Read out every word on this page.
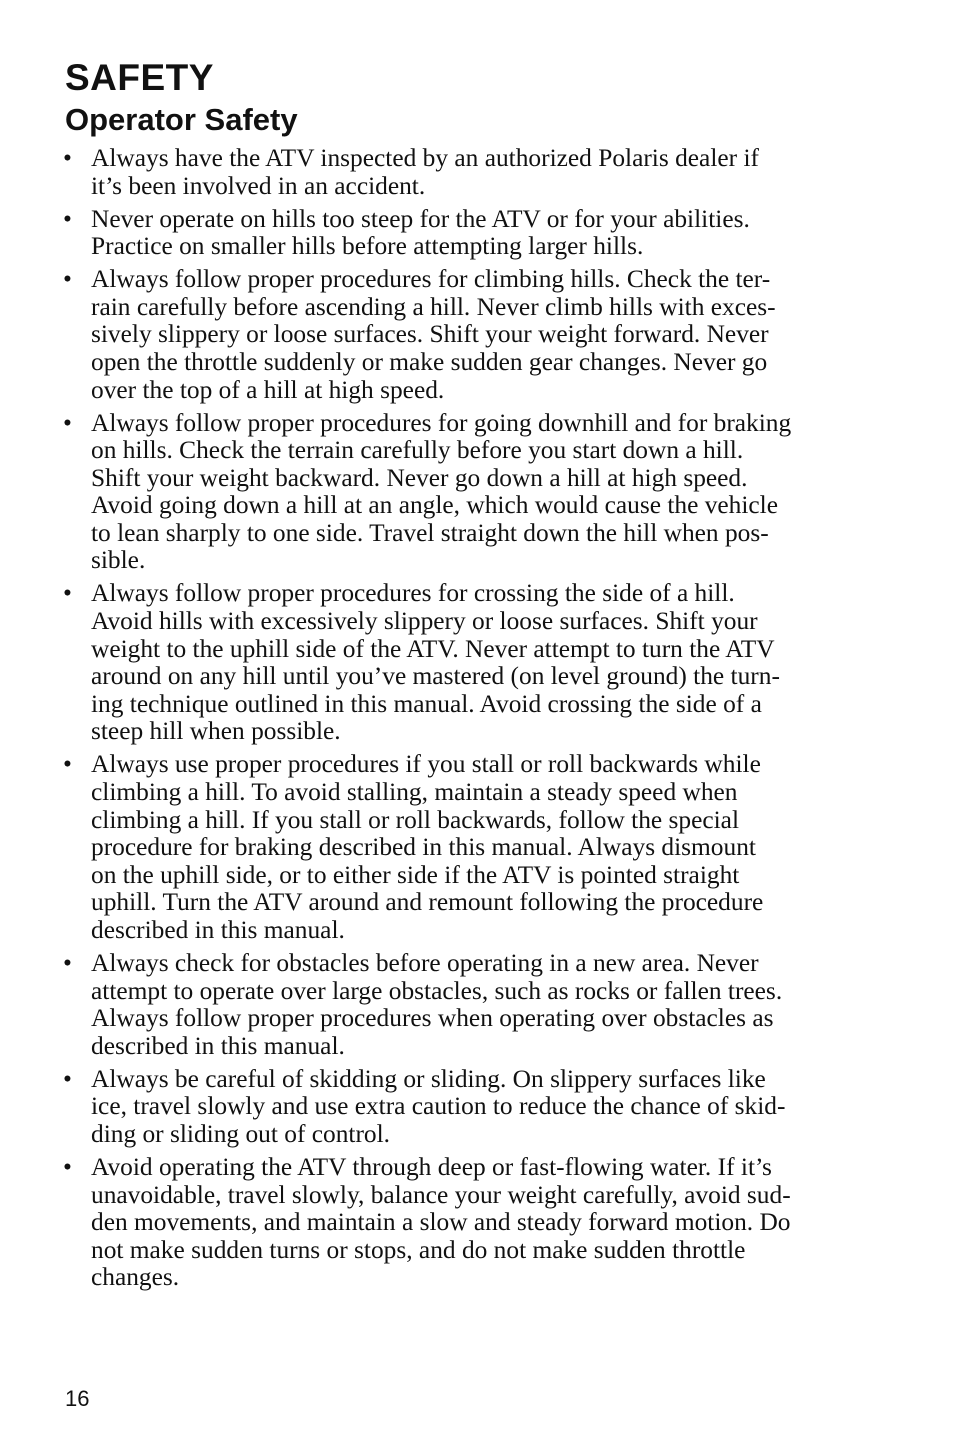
SAFETY
Operator Safety
• Always have the ATV inspected by an authorized Polaris dealer if
it’s been involved in an accident.
• Never operate on hills too steep for the ATV or for your abilities.
Practice on smaller hills before attempting larger hills.
• Always follow proper procedures for climbing hills. Check the ter-
rain carefully before ascending a hill. Never climb hills with exces-
sively slippery or loose surfaces. Shift your weight forward. Never
open the throttle suddenly or make sudden gear changes. Never go
over the top of a hill at high speed.
• Always follow proper procedures for going downhill and for braking
on hills. Check the terrain carefully before you start down a hill.
Shift your weight backward. Never go down a hill at high speed.
Avoid going down a hill at an angle, which would cause the vehicle
to lean sharply to one side. Travel straight down the hill when pos-
sible.
• Always follow proper procedures for crossing the side of a hill.
Avoid hills with excessively slippery or loose surfaces. Shift your
weight to the uphill side of the ATV. Never attempt to turn the ATV
around on any hill until you’ve mastered (on level ground) the turn-
ing technique outlined in this manual. Avoid crossing the side of a
steep hill when possible.
• Always use proper procedures if you stall or roll backwards while
climbing a hill. To avoid stalling, maintain a steady speed when
climbing a hill. If you stall or roll backwards, follow the special
procedure for braking described in this manual. Always dismount
on the uphill side, or to either side if the ATV is pointed straight
uphill. Turn the ATV around and remount following the procedure
described in this manual.
• Always check for obstacles before operating in a new area. Never
attempt to operate over large obstacles, such as rocks or fallen trees.
Always follow proper procedures when operating over obstacles as
described in this manual.
• Always be careful of skidding or sliding. On slippery surfaces like
ice, travel slowly and use extra caution to reduce the chance of skid-
ding or sliding out of control.
• Avoid operating the ATV through deep or fast-flowing water. If it’s
unavoidable, travel slowly, balance your weight carefully, avoid sud-
den movements, and maintain a slow and steady forward motion. Do
not make sudden turns or stops, and do not make sudden throttle
changes.

16
